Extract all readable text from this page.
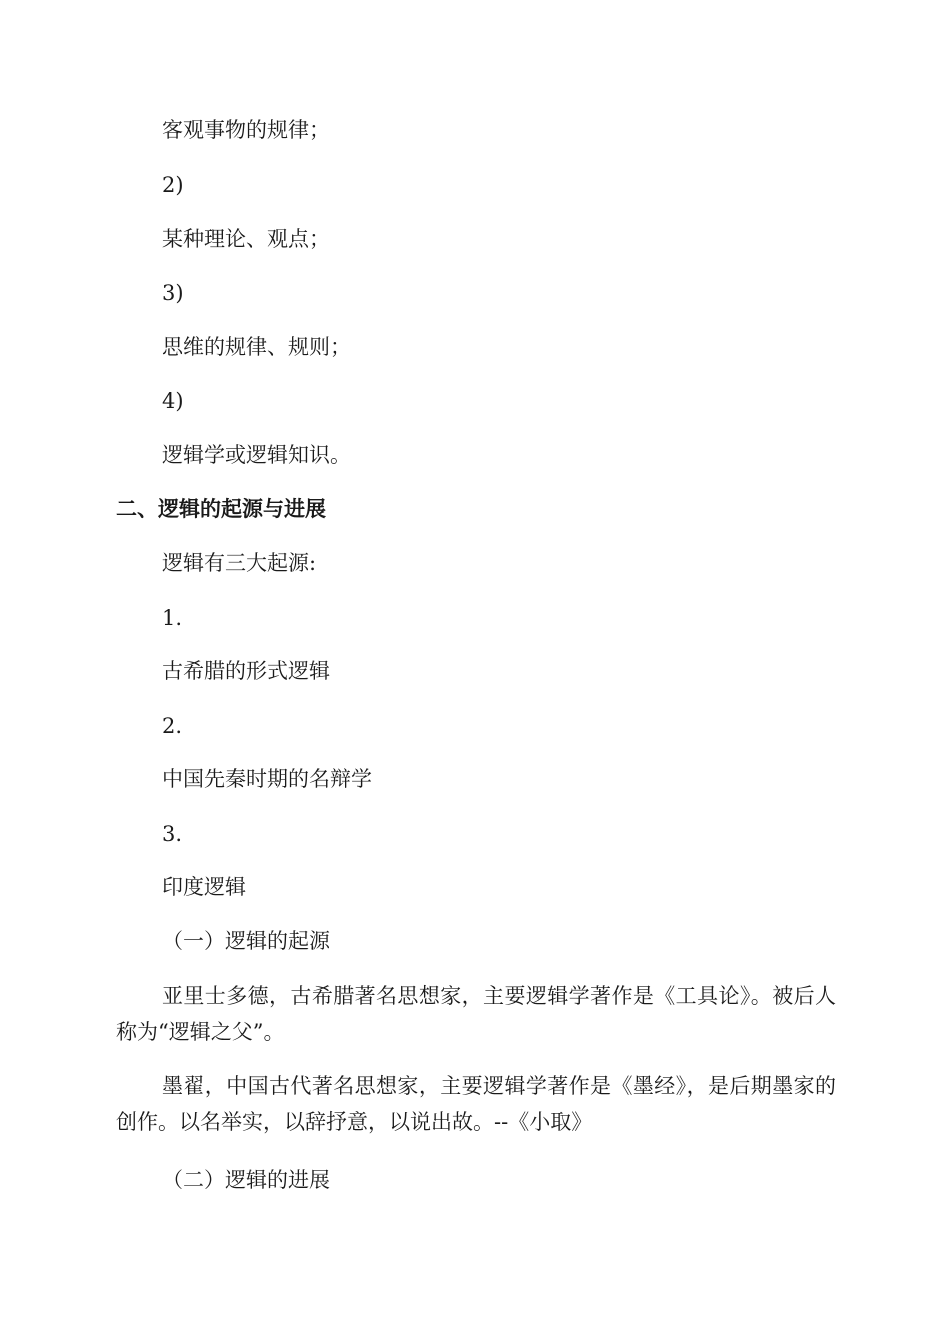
客观事物的规律；
2)
某种理论、观点；
3)
思维的规律、规则；
4)
逻辑学或逻辑知识。
二、逻辑的起源与进展
逻辑有三大起源:
1.
古希腊的形式逻辑
2.
中国先秦时期的名辩学
3.
印度逻辑
（一）逻辑的起源
亚里士多德，古希腊著名思想家，主要逻辑学著作是《工具论》。被后人称为“逻辑之父”。
墨翟，中国古代著名思想家，主要逻辑学著作是《墨经》，是后期墨家的创作。以名举实，以辞抒意，以说出故。--《小取》
（二）逻辑的进展
